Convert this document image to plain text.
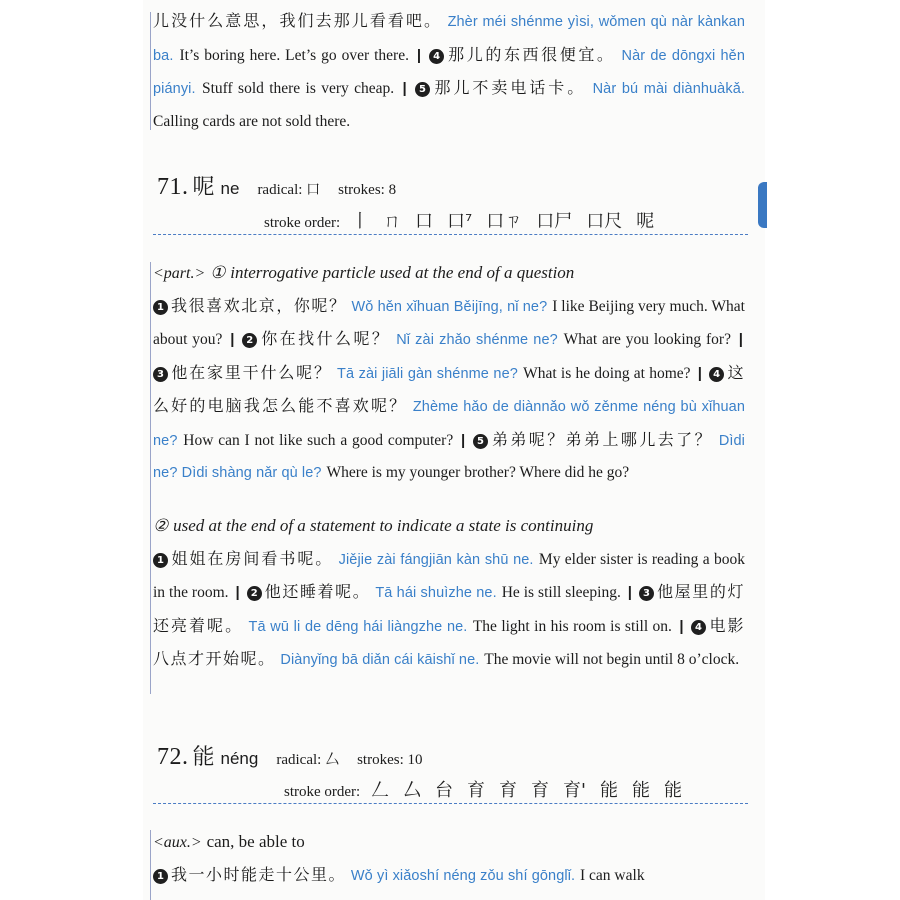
儿没什么意思，我们去那儿看看吧。 Zhèr méi shénme yìsi, wǒmen qù nàr kànkan ba. It’s boring here. Let’s go over there. | 4 那儿的东西很便宜。 Nàr de dōngxi hěn piányi. Stuff sold there is very cheap. | 5 那儿不卖电话卡。 Nàr bú mài diànhuàkǎ. Calling cards are not sold there.
71. 呢 ne radical: 口 strokes: 8
stroke order: 丨 ㄇ 口 口⁷ 口ㄗ 口尸 口尺 呢
<part.> ① interrogative particle used at the end of a question
1 我很喜欢北京，你呢？ Wǒ hěn xǐhuan Běijīng, nǐ ne? I like Beijing very much. What about you? | 2 你在找什么呢？ Nǐ zài zhǎo shénme ne? What are you looking for? | 3 他在家里干什么呢？ Tā zài jiāli gàn shénme ne? What is he doing at home? | 4 这么好的电脑我怎么能不喜欢呢？ Zhème hǎo de diànnǎo wǒ zěnme néng bù xǐhuan ne? How can I not like such a good computer? | 5 弟弟呢？弟弟上哪儿去了？ Dìdi ne? Dìdi shàng nǎr qù le? Where is my younger brother? Where did he go?
② used at the end of a statement to indicate a state is continuing
1 姐姐在房间看书呢。 Jiějie zài fángjiān kàn shū ne. My elder sister is reading a book in the room. | 2 他还睡着呢。 Tā hái shuìzhe ne. He is still sleeping. | 3 他屋里的灯还亮着呢。 Tā wū li de dēng hái liàngzhe ne. The light in his room is still on. | 4 电影八点才开始呢。 Diànyǐng bā diǎn cái kāishǐ ne. The movie will not begin until 8 o’clock.
72. 能 néng radical: 厶 strokes: 10
stroke order: 𠃋 厶 台 育 育 育 育' 能 能 能
<aux.> can, be able to
1 我一小时能走十公里。 Wǒ yì xiǎoshí néng zǒu shí gōnglǐ. I can walk
